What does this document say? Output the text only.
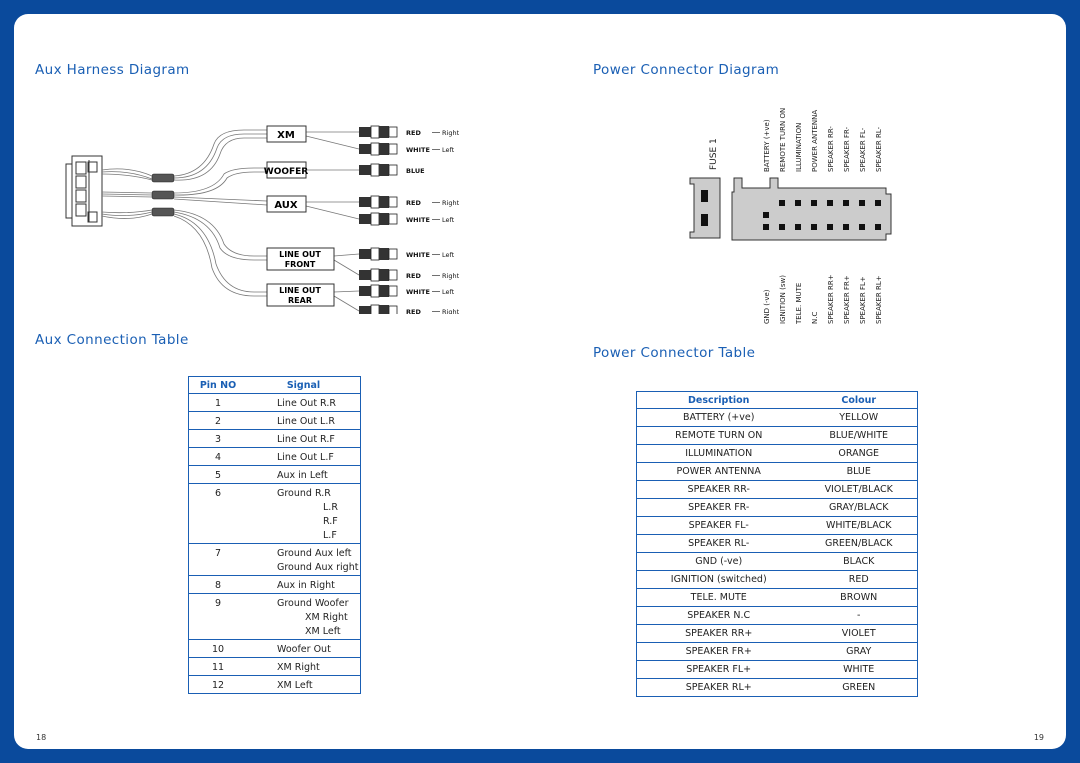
Aux Harness Diagram
XM
WOOFER
AUX
LINE OUT
FRONT
LINE OUT
REAR
RED	Right
WHITE Left
BLUE
RED	Right
WHITE Left
WHITE Left
RED	Right
WHITE Left
RED	Right
Aux Connection Table
Pin NO	Signal
1	Line Out R.R

2	Line Out L.R

3	Line Out R.F

4	Line Out L.F

5	Aux in Left

6	Ground R.R
L.R
R.F
L.F

7	Ground Aux left
Ground Aux right

8	Aux in Right

9	Ground Woofer
XM Right
XM Left

10	Woofer Out

11	XM Right

12	XM Left
Power Connector Diagram
FUSE 1	BATTERY (+ve) REMOTE TURN ON ILLUMINATION POWER ANTENNA SPEAKER RR- SPEAKER FR- SPEAKER FL- SPEAKER RL-
GND (-ve) IGNITION (sw) TELE. MUTE N.C SPEAKER RR+ SPEAKER FR+ SPEAKER FL+ SPEAKER RL+
Power Connector Table
Description	Colour
BATTERY (+ve)	YELLOW
REMOTE TURN ON	BLUE/WHITE
ILLUMINATION	ORANGE
POWER ANTENNA	BLUE
SPEAKER RR-	VIOLET/BLACK
SPEAKER FR-	GRAY/BLACK
SPEAKER FL-	WHITE/BLACK
SPEAKER RL-	GREEN/BLACK
GND (-ve)	BLACK
IGNITION (switched)	RED
TELE. MUTE	BROWN
SPEAKER N.C	-
SPEAKER RR+	VIOLET
SPEAKER FR+	GRAY
SPEAKER FL+	WHITE
SPEAKER RL+	GREEN
18	19
